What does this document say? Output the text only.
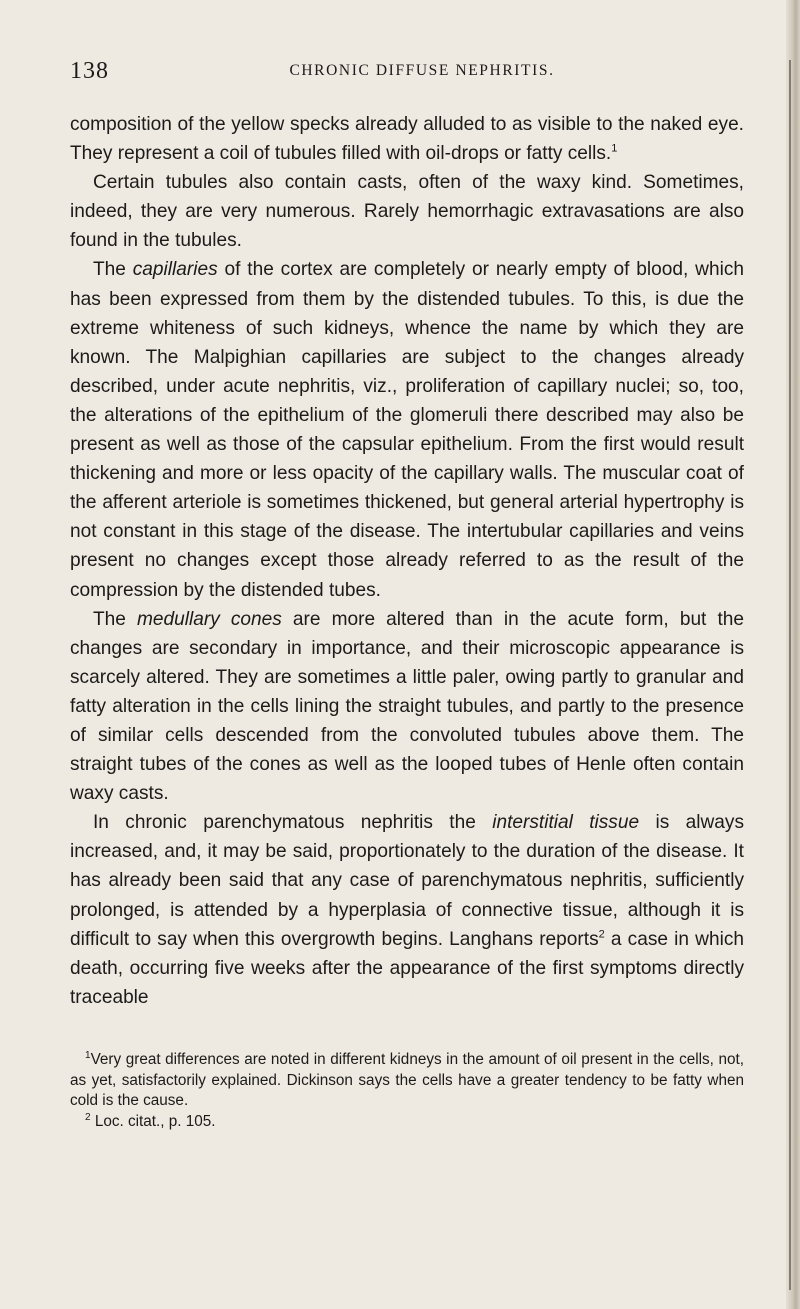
138	CHRONIC DIFFUSE NEPHRITIS.

composition of the yellow specks already alluded to as visible to the naked eye. They represent a coil of tubules filled with oil-drops or fatty cells.$^1$

Certain tubules also contain casts, often of the waxy kind. Sometimes, indeed, they are very numerous. Rarely hemorrhagic extravasations are also found in the tubules.

The capillaries of the cortex are completely or nearly empty of blood, which has been expressed from them by the distended tubules. To this, is due the extreme whiteness of such kidneys, whence the name by which they are known. The Malpighian capillaries are subject to the changes already described, under acute nephritis, viz., proliferation of capillary nuclei; so, too, the alterations of the epithelium of the glomeruli there described may also be present as well as those of the capsular epithelium. From the first would result thickening and more or less opacity of the capillary walls. The muscular coat of the afferent arteriole is sometimes thickened, but general arterial hypertrophy is not constant in this stage of the disease. The intertubular capillaries and veins present no changes except those already referred to as the result of the compression by the distended tubes.

The medullary cones are more altered than in the acute form, but the changes are secondary in importance, and their microscopic appearance is scarcely altered. They are sometimes a little paler, owing partly to granular and fatty alteration in the cells lining the straight tubules, and partly to the presence of similar cells descended from the convoluted tubules above them. The straight tubes of the cones as well as the looped tubes of Henle often contain waxy casts.

In chronic parenchymatous nephritis the interstitial tissue is always increased, and, it may be said, proportionately to the duration of the disease. It has already been said that any case of parenchymatous nephritis, sufficiently prolonged, is attended by a hyperplasia of connective tissue, although it is difficult to say when this overgrowth begins. Langhans reports$^2$ a case in which death, occurring five weeks after the appearance of the first symptoms directly traceable

$^1$Very great differences are noted in different kidneys in the amount of oil present in the cells, not, as yet, satisfactorily explained. Dickinson says the cells have a greater tendency to be fatty when cold is the cause.

$^2$ Loc. citat., p. 105.
